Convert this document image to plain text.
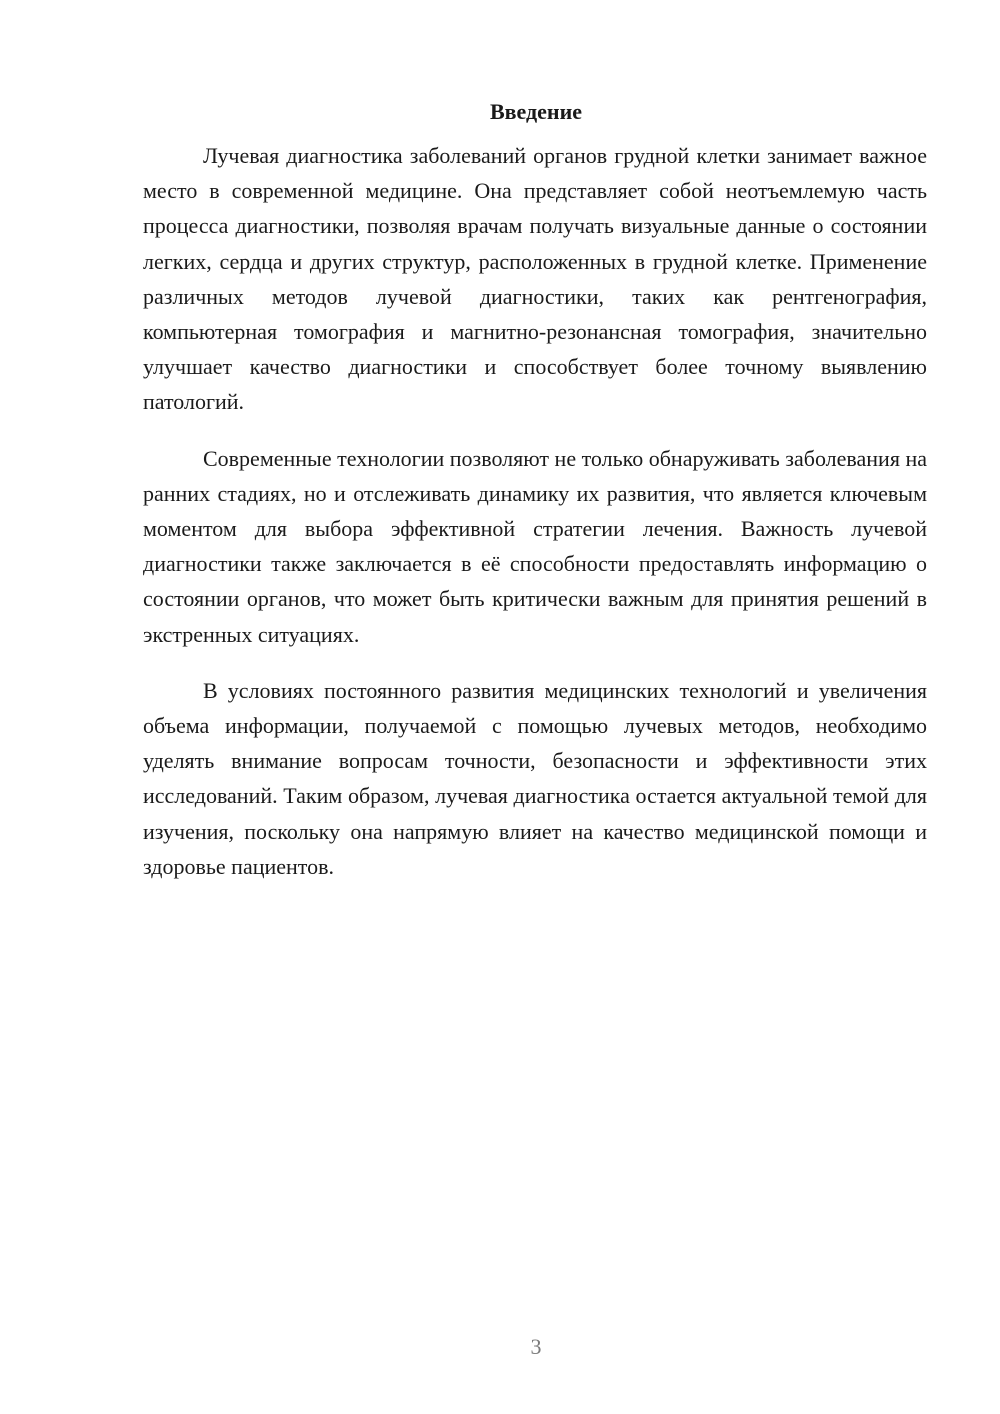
Введение

Лучевая диагностика заболеваний органов грудной клетки занимает важное место в современной медицине. Она представляет собой неотъемлемую часть процесса диагностики, позволяя врачам получать визуальные данные о состоянии легких, сердца и других структур, расположенных в грудной клетке. Применение различных методов лучевой диагностики, таких как рентгенография, компьютерная томография и магнитно-резонансная томография, значительно улучшает качество диагностики и способствует более точному выявлению патологий.

Современные технологии позволяют не только обнаруживать заболевания на ранних стадиях, но и отслеживать динамику их развития, что является ключевым моментом для выбора эффективной стратегии лечения. Важность лучевой диагностики также заключается в её способности предоставлять информацию о состоянии органов, что может быть критически важным для принятия решений в экстренных ситуациях.

В условиях постоянного развития медицинских технологий и увеличения объема информации, получаемой с помощью лучевых методов, необходимо уделять внимание вопросам точности, безопасности и эффективности этих исследований. Таким образом, лучевая диагностика остается актуальной темой для изучения, поскольку она напрямую влияет на качество медицинской помощи и здоровье пациентов.

3
